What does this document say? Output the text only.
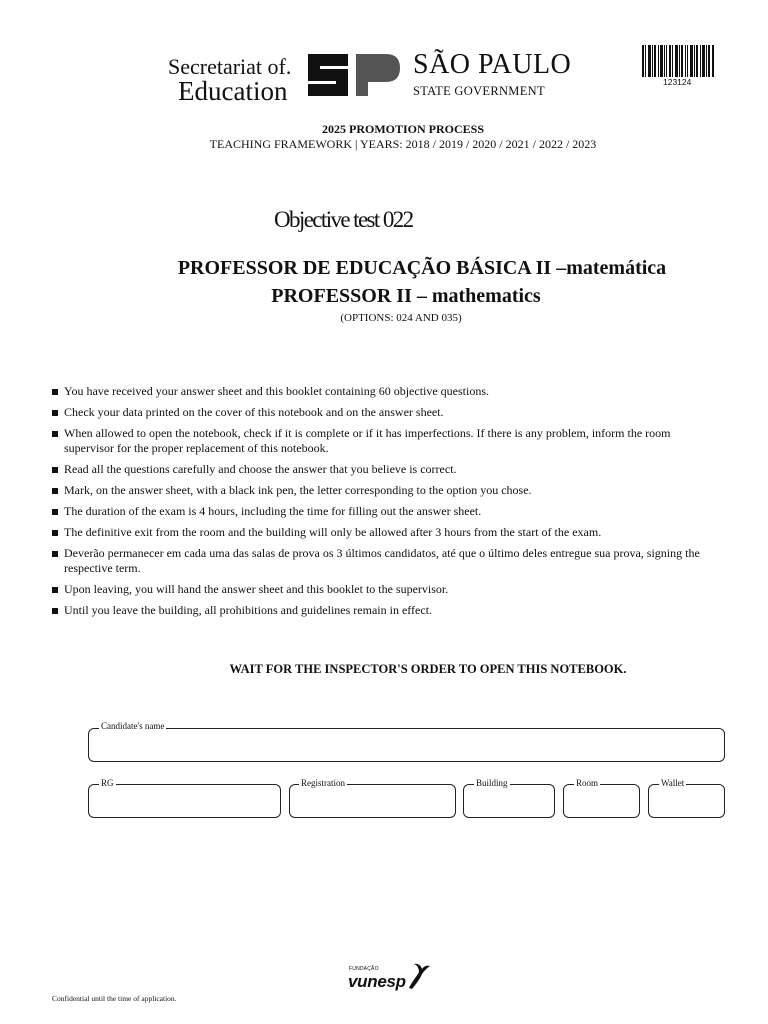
Secretariat of.
Education
SÃO PAULO
STATE GOVERNMENT
123124
2025 PROMOTION PROCESS
TEACHING FRAMEWORK | YEARS: 2018 / 2019 / 2020 / 2021 / 2022 / 2023
Objective test 022
PROFESSOR DE EDUCAÇÃO BÁSICA II –matemática
PROFESSOR II – mathematics
(OPTIONS: 024 AND 035)
You have received your answer sheet and this booklet containing 60 objective questions.
Check your data printed on the cover of this notebook and on the answer sheet.
When allowed to open the notebook, check if it is complete or if it has imperfections. If there is any problem, inform the room supervisor for the proper replacement of this notebook.
Read all the questions carefully and choose the answer that you believe is correct.
Mark, on the answer sheet, with a black ink pen, the letter corresponding to the option you chose.
The duration of the exam is 4 hours, including the time for filling out the answer sheet.
The definitive exit from the room and the building will only be allowed after 3 hours from the start of the exam.
Deverão permanecer em cada uma das salas de prova os 3 últimos candidatos, até que o último deles entregue sua prova, signing the respective term.
Upon leaving, you will hand the answer sheet and this booklet to the supervisor.
Until you leave the building, all prohibitions and guidelines remain in effect.
WAIT FOR THE INSPECTOR'S ORDER TO OPEN THIS NOTEBOOK.
Candidate's name
RG	Registration	Building	Room	Wallet
FUNDAÇÃO
vunesp
Confidential until the time of application.
